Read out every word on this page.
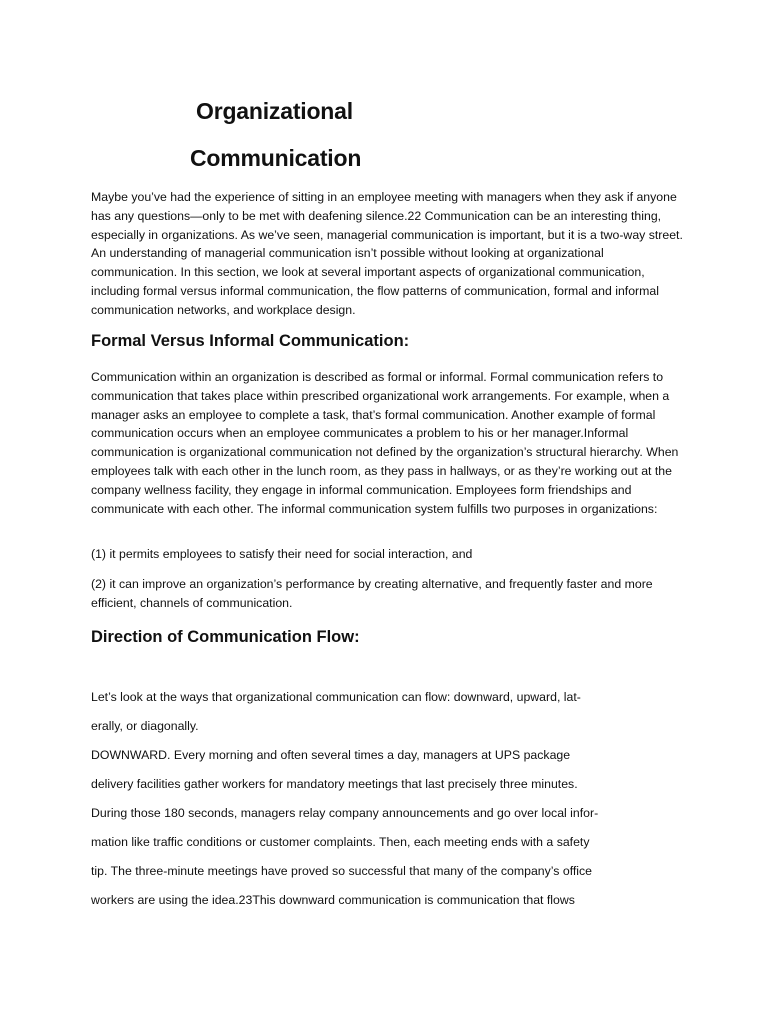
Organizational
Communication

Maybe you’ve had the experience of sitting in an employee meeting with managers when they ask if anyone has any questions—only to be met with deafening silence.22 Communication can be an interesting thing, especially in organizations. As we’ve seen, managerial communication is important, but it is a two-way street. An understanding of managerial communication isn’t possible without looking at organizational communication. In this section, we look at several important aspects of organizational communication, including formal versus informal communication, the flow patterns of communication, formal and informal communication networks, and workplace design.

Formal Versus Informal Communication:

Communication within an organization is described as formal or informal. Formal communication refers to communication that takes place within prescribed organizational work arrangements. For example, when a manager asks an employee to complete a task, that’s formal communication. Another example of formal communication occurs when an employee communicates a problem to his or her manager.Informal communication is organizational communication not defined by the organization’s structural hierarchy. When employees talk with each other in the lunch room, as they pass in hallways, or as they’re working out at the company wellness facility, they engage in informal communication. Employees form friendships and communicate with each other. The informal communication system fulfills two purposes in organizations:

(1) it permits employees to satisfy their need for social interaction, and

(2) it can improve an organization’s performance by creating alternative, and frequently faster and more efficient, channels of communication.

Direction of Communication Flow:

Let’s look at the ways that organizational communication can flow: downward, upward, lat-

erally, or diagonally.

DOWNWARD. Every morning and often several times a day, managers at UPS package

delivery facilities gather workers for mandatory meetings that last precisely three minutes.

During those 180 seconds, managers relay company announcements and go over local infor-

mation like traffic conditions or customer complaints. Then, each meeting ends with a safety

tip. The three-minute meetings have proved so successful that many of the company’s office

workers are using the idea.23This downward communication is communication that flows
